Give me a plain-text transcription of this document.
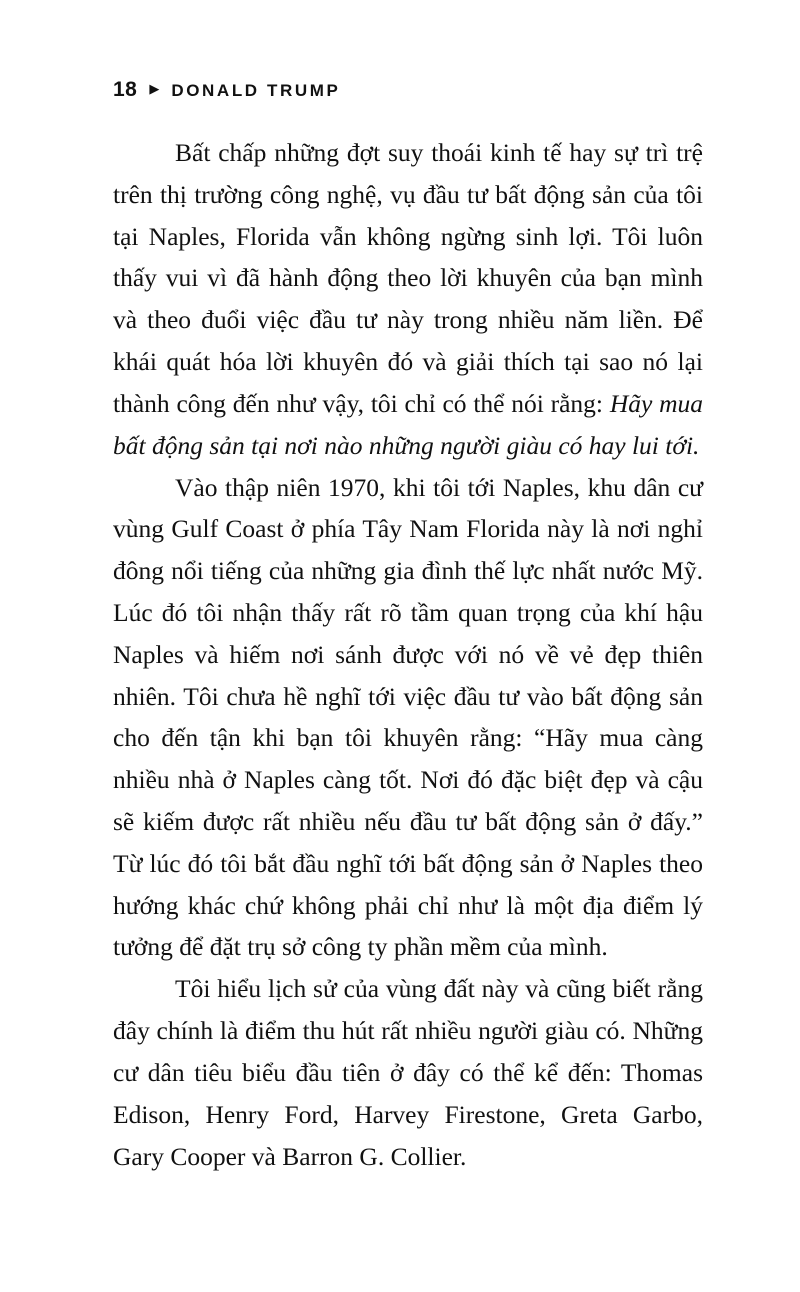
18 ▶ DONALD TRUMP

Bất chấp những đợt suy thoái kinh tế hay sự trì trệ trên thị trường công nghệ, vụ đầu tư bất động sản của tôi tại Naples, Florida vẫn không ngừng sinh lợi. Tôi luôn thấy vui vì đã hành động theo lời khuyên của bạn mình và theo đuổi việc đầu tư này trong nhiều năm liền. Để khái quát hóa lời khuyên đó và giải thích tại sao nó lại thành công đến như vậy, tôi chỉ có thể nói rằng: Hãy mua bất động sản tại nơi nào những người giàu có hay lui tới.

Vào thập niên 1970, khi tôi tới Naples, khu dân cư vùng Gulf Coast ở phía Tây Nam Florida này là nơi nghỉ đông nổi tiếng của những gia đình thế lực nhất nước Mỹ. Lúc đó tôi nhận thấy rất rõ tầm quan trọng của khí hậu Naples và hiếm nơi sánh được với nó về vẻ đẹp thiên nhiên. Tôi chưa hề nghĩ tới việc đầu tư vào bất động sản cho đến tận khi bạn tôi khuyên rằng: “Hãy mua càng nhiều nhà ở Naples càng tốt. Nơi đó đặc biệt đẹp và cậu sẽ kiếm được rất nhiều nếu đầu tư bất động sản ở đấy.” Từ lúc đó tôi bắt đầu nghĩ tới bất động sản ở Naples theo hướng khác chứ không phải chỉ như là một địa điểm lý tưởng để đặt trụ sở công ty phần mềm của mình.

Tôi hiểu lịch sử của vùng đất này và cũng biết rằng đây chính là điểm thu hút rất nhiều người giàu có. Những cư dân tiêu biểu đầu tiên ở đây có thể kể đến: Thomas Edison, Henry Ford, Harvey Firestone, Greta Garbo, Gary Cooper và Barron G. Collier.
